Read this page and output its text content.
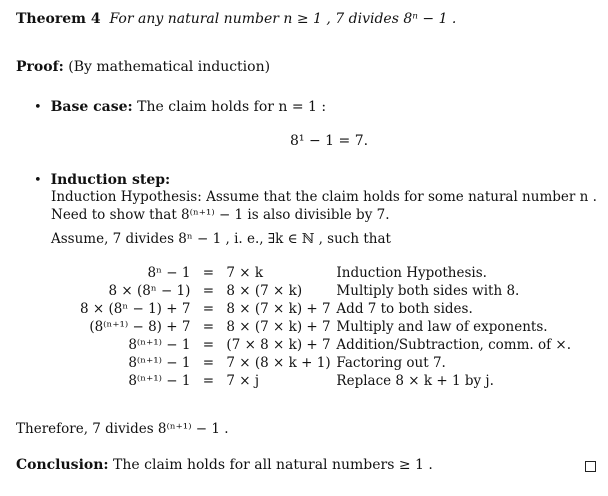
Theorem 4 For any natural number n ≥ 1 , 7 divides 8ⁿ − 1 .
Proof: (By mathematical induction)
• Base case: The claim holds for n = 1 :
8¹ − 1 = 7.
• Induction step:
Induction Hypothesis: Assume that the claim holds for some natural number n .
Need to show that 8⁽ⁿ⁺¹⁾ − 1 is also divisible by 7.
Assume, 7 divides 8ⁿ − 1 , i. e., ∃k ∈ ℕ , such that
8ⁿ − 1	=	7 × k	Induction Hypothesis.
8 × (8ⁿ − 1)	=	8 × (7 × k)	Multiply both sides with 8.
8 × (8ⁿ − 1) + 7	=	8 × (7 × k) + 7	Add 7 to both sides.
(8⁽ⁿ⁺¹⁾ − 8) + 7	=	8 × (7 × k) + 7	Multiply and law of exponents.
8⁽ⁿ⁺¹⁾ − 1	=	(7 × 8 × k) + 7	Addition/Subtraction, comm. of ×.
8⁽ⁿ⁺¹⁾ − 1	=	7 × (8 × k + 1)	Factoring out 7.
8⁽ⁿ⁺¹⁾ − 1	=	7 × j	Replace 8 × k + 1 by j.
Therefore, 7 divides 8⁽ⁿ⁺¹⁾ − 1 .
Conclusion: The claim holds for all natural numbers ≥ 1 .
